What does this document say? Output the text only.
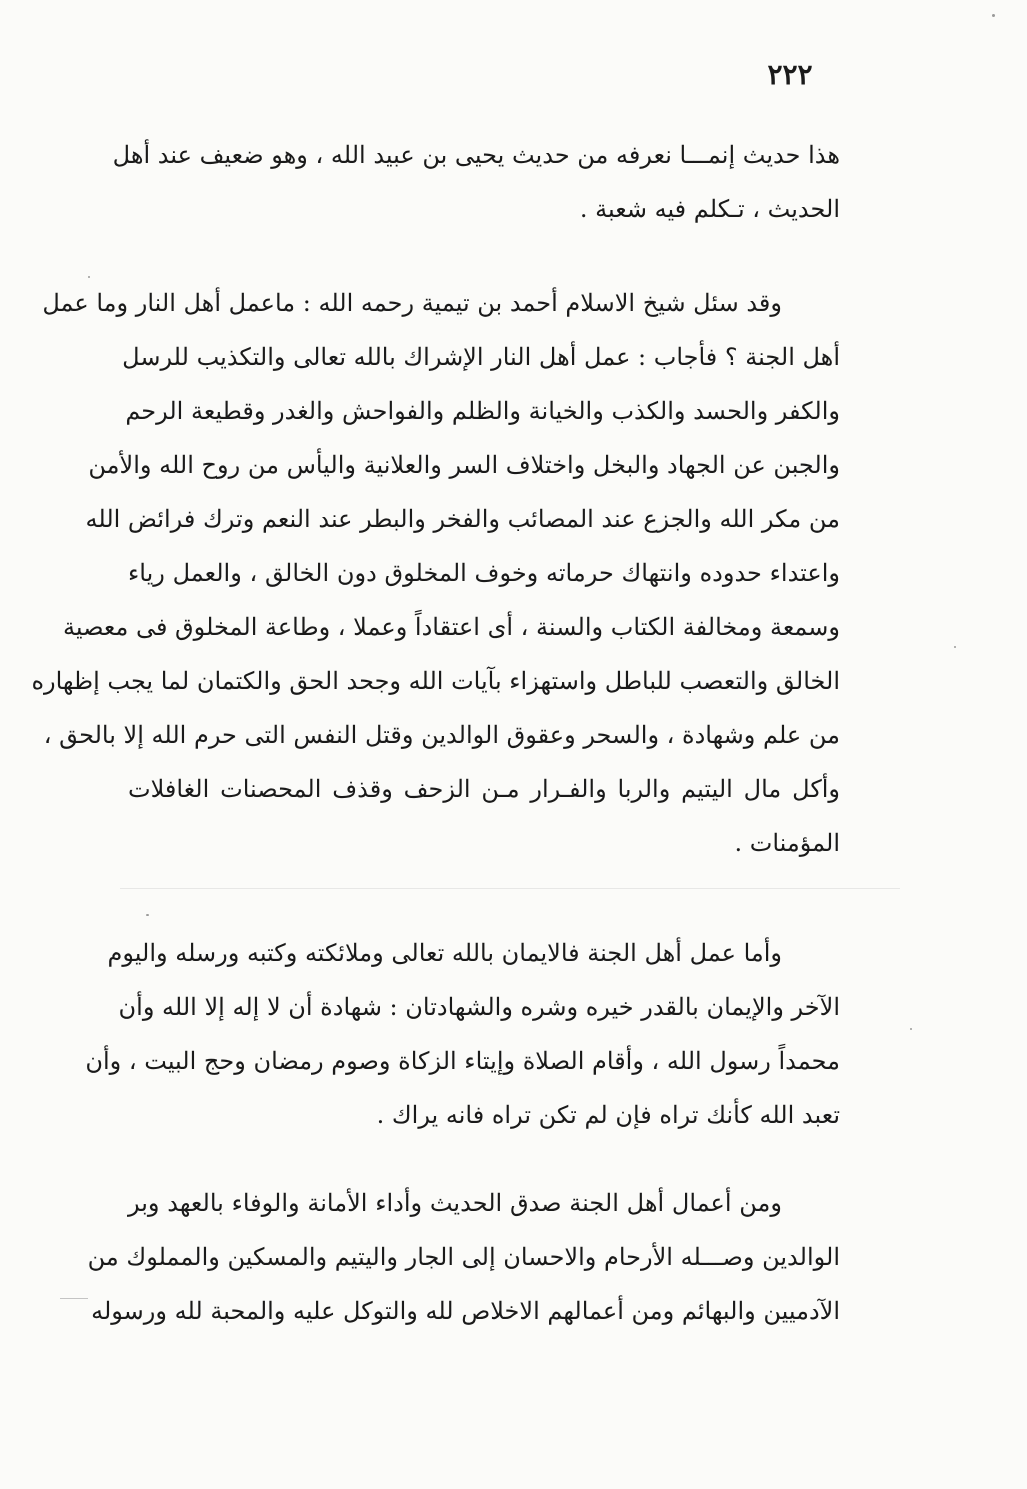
٢٢٢
هذا حديث إنمـــا نعرفه من حديث يحيى بن عبيد الله ، وهو ضعيف عند أهل
الحديث ، تـكلم فيه شعبة .
وقد سئل شيخ الاسلام أحمد بن تيمية رحمه الله : ماعمل أهل النار وما عمل
أهل الجنة ؟ فأجاب : عمل أهل النار الإشراك بالله تعالى والتكذيب للرسل
والكفر والحسد والكذب والخيانة والظلم والفواحش والغدر وقطيعة الرحم
والجبن عن الجهاد والبخل واختلاف السر والعلانية واليأس من روح الله والأمن
من مكر الله والجزع عند المصائب والفخر والبطر عند النعم وترك فرائض الله
واعتداء حدوده وانتهاك حرماته وخوف المخلوق دون الخالق ، والعمل رياء
وسمعة ومخالفة الكتاب والسنة ، أى اعتقاداً وعملا ، وطاعة المخلوق فى معصية
الخالق والتعصب للباطل واستهزاء بآيات الله وجحد الحق والكتمان لما يجب إظهاره
من علم وشهادة ، والسحر وعقوق الوالدين وقتل النفس التى حرم الله إلا بالحق ،
وأكل مال اليتيم والربا والفـرار مـن الزحف وقذف المحصنات الغافلات
المؤمنات .
وأما عمل أهل الجنة فالايمان بالله تعالى وملائكته وكتبه ورسله واليوم
الآخر والإيمان بالقدر خيره وشره والشهادتان : شهادة أن لا إله إلا الله وأن
محمداً رسول الله ، وأقام الصلاة وإيتاء الزكاة وصوم رمضان وحج البيت ، وأن
تعبد الله كأنك تراه فإن لم تكن تراه فانه يراك .
ومن أعمال أهل الجنة صدق الحديث وأداء الأمانة والوفاء بالعهد وبر
الوالدين وصـــله الأرحام والاحسان إلى الجار واليتيم والمسكين والمملوك من
الآدميين والبهائم ومن أعمالهم الاخلاص لله والتوكل عليه والمحبة لله ورسوله
